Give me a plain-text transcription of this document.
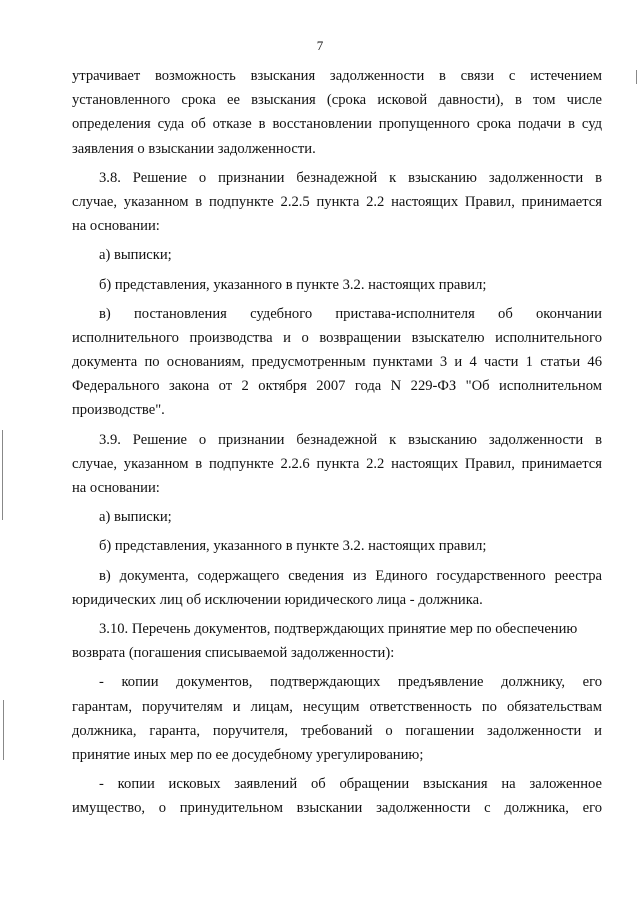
7
утрачивает возможность взыскания задолженности в связи с истечением
установленного срока ее взыскания (срока исковой давности), в том числе
определения суда об отказе в восстановлении пропущенного срока подачи в суд
заявления о взыскании задолженности.
3.8. Решение о признании безнадежной к взысканию задолженности в
случае, указанном в подпункте 2.2.5 пункта 2.2 настоящих Правил, принимается
на основании:
а) выписки;
б) представления, указанного в пункте 3.2. настоящих правил;
в) постановления судебного пристава-исполнителя об окончании
исполнительного производства и о возвращении взыскателю исполнительного
документа по основаниям, предусмотренным пунктами 3 и 4 части 1 статьи 46
Федерального закона от 2 октября 2007 года N 229-ФЗ "Об исполнительном
производстве".
3.9. Решение о признании безнадежной к взысканию задолженности в
случае, указанном в подпункте 2.2.6 пункта 2.2 настоящих Правил, принимается
на основании:
а) выписки;
б) представления, указанного в пункте 3.2. настоящих правил;
в) документа, содержащего сведения из Единого государственного реестра
юридических лиц об исключении юридического лица - должника.
3.10. Перечень документов, подтверждающих принятие мер по обеспечению
возврата (погашения списываемой задолженности):
- копии документов, подтверждающих предъявление должнику, его
гарантам, поручителям и лицам, несущим ответственность по обязательствам
должника, гаранта, поручителя, требований о погашении задолженности и
принятие иных мер по ее досудебному урегулированию;
- копии исковых заявлений об обращении взыскания на заложенное
имущество, о принудительном взыскании задолженности с должника, его
